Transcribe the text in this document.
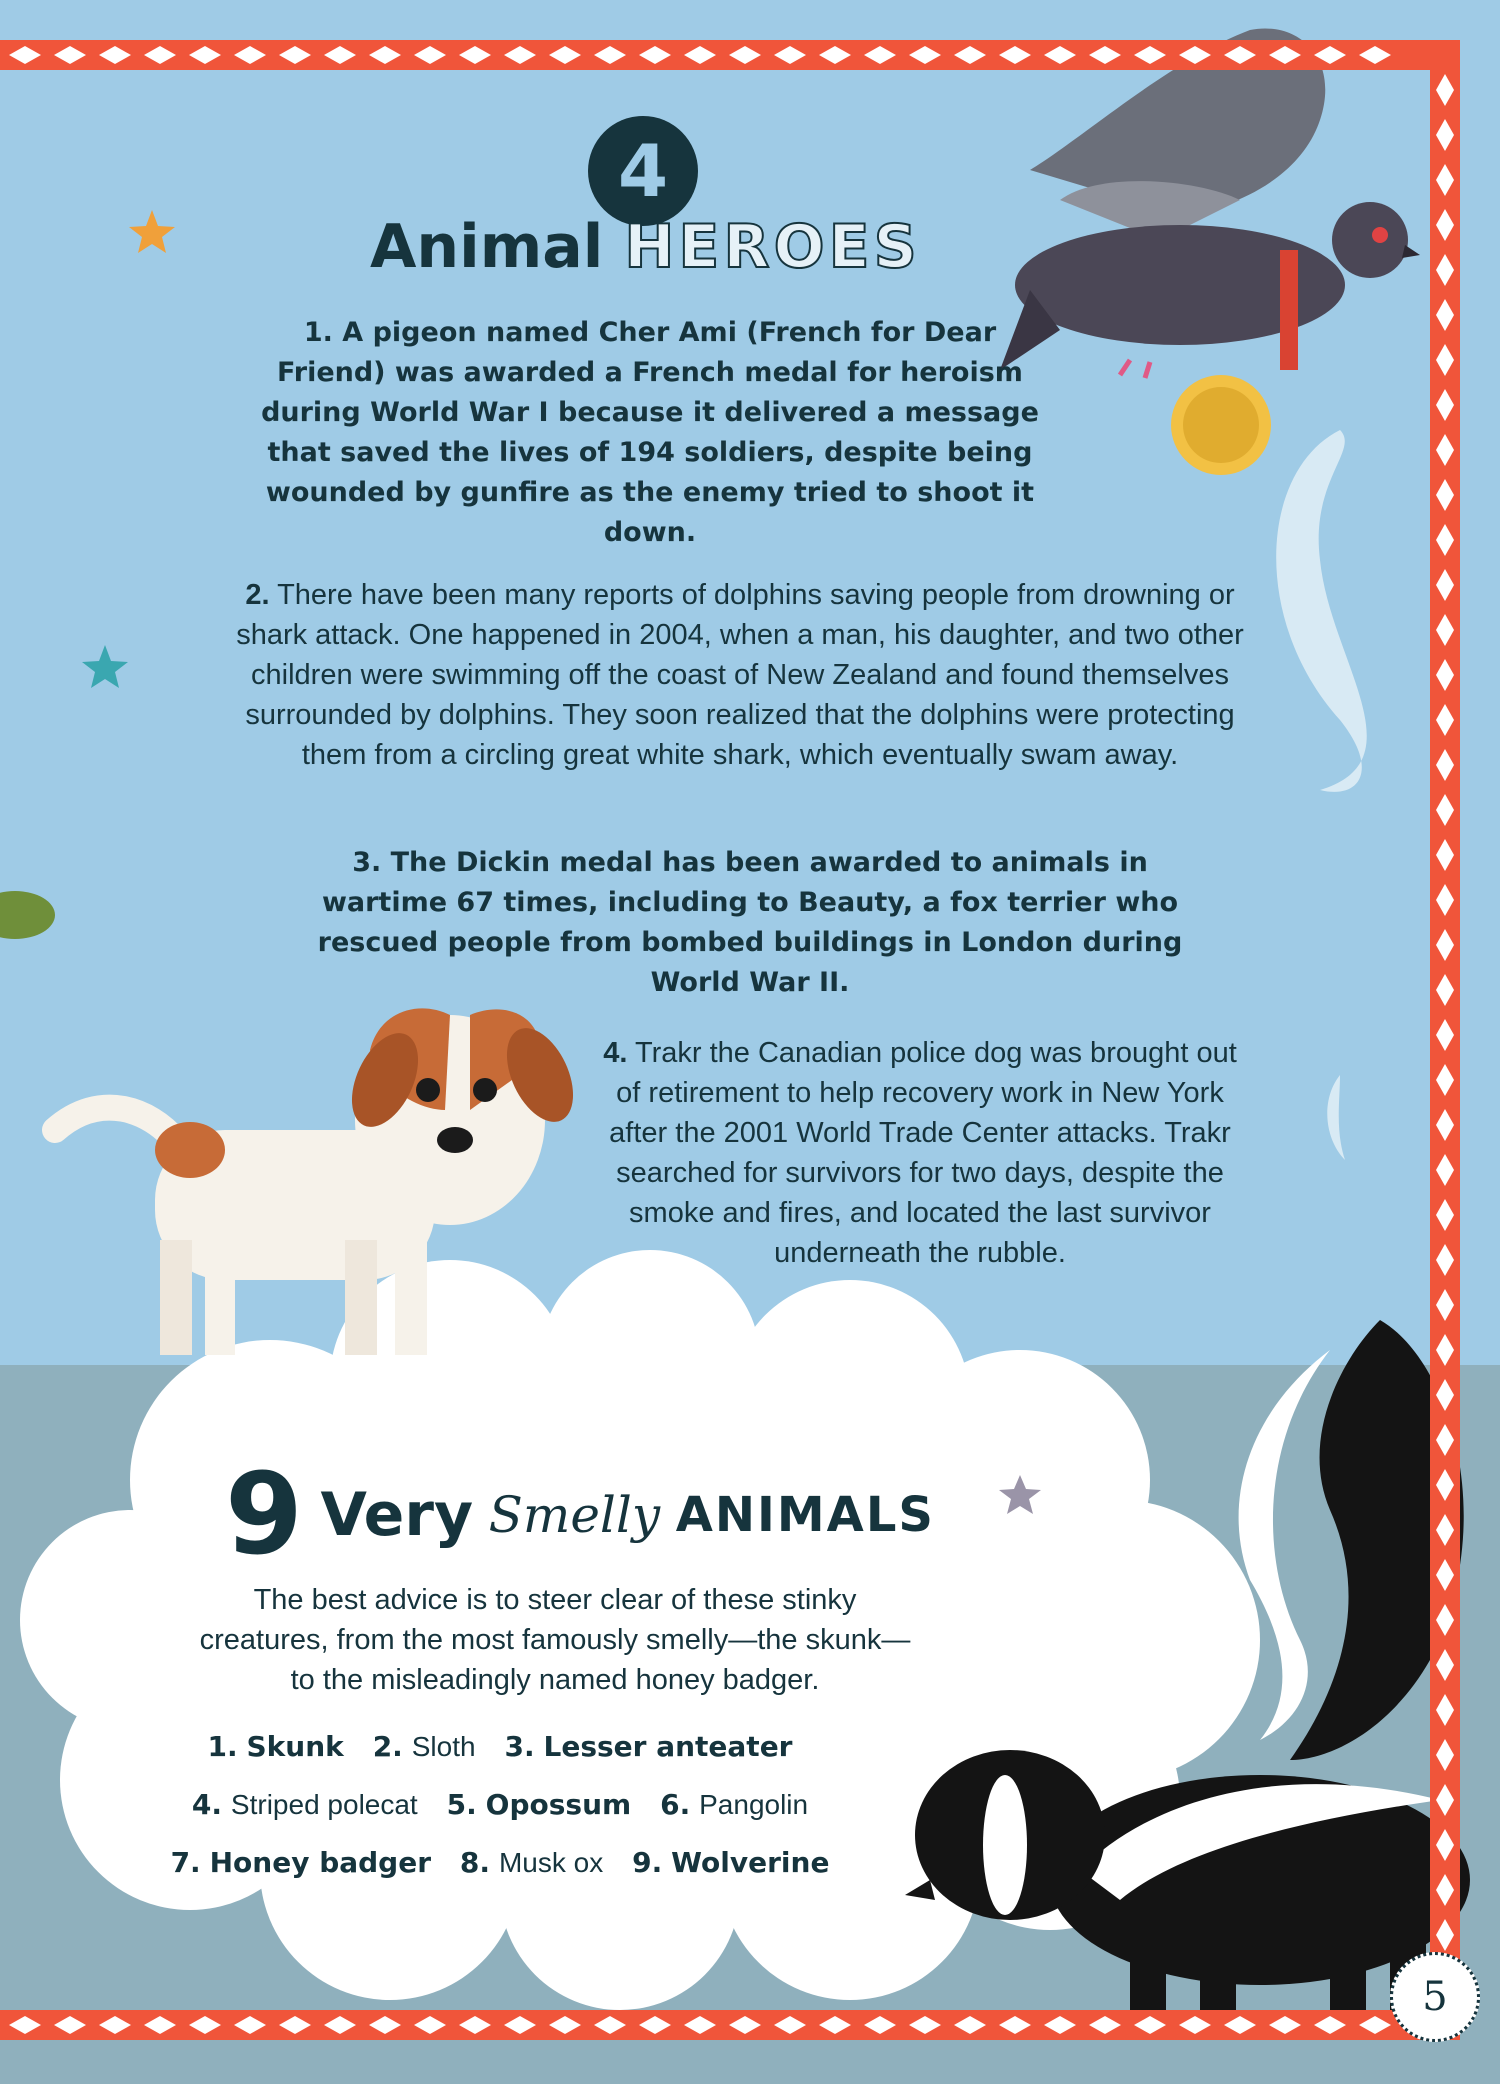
4
Animal HEROES

1. A pigeon named Cher Ami (French for Dear Friend) was awarded a French medal for heroism during World War I because it delivered a message that saved the lives of 194 soldiers, despite being wounded by gunfire as the enemy tried to shoot it down.

2. There have been many reports of dolphins saving people from drowning or shark attack. One happened in 2004, when a man, his daughter, and two other children were swimming off the coast of New Zealand and found themselves surrounded by dolphins. They soon realized that the dolphins were protecting them from a circling great white shark, which eventually swam away.

3. The Dickin medal has been awarded to animals in wartime 67 times, including to Beauty, a fox terrier who rescued people from bombed buildings in London during World War II.

4. Trakr the Canadian police dog was brought out of retirement to help recovery work in New York after the 2001 World Trade Center attacks. Trakr searched for survivors for two days, despite the smoke and fires, and located the last survivor underneath the rubble.

9 Very Smelly ANIMALS

The best advice is to steer clear of these stinky creatures, from the most famously smelly—the skunk—to the misleadingly named honey badger.

1. Skunk 2. Sloth 3. Lesser anteater
4. Striped polecat 5. Opossum 6. Pangolin
7. Honey badger 8. Musk ox 9. Wolverine
5
